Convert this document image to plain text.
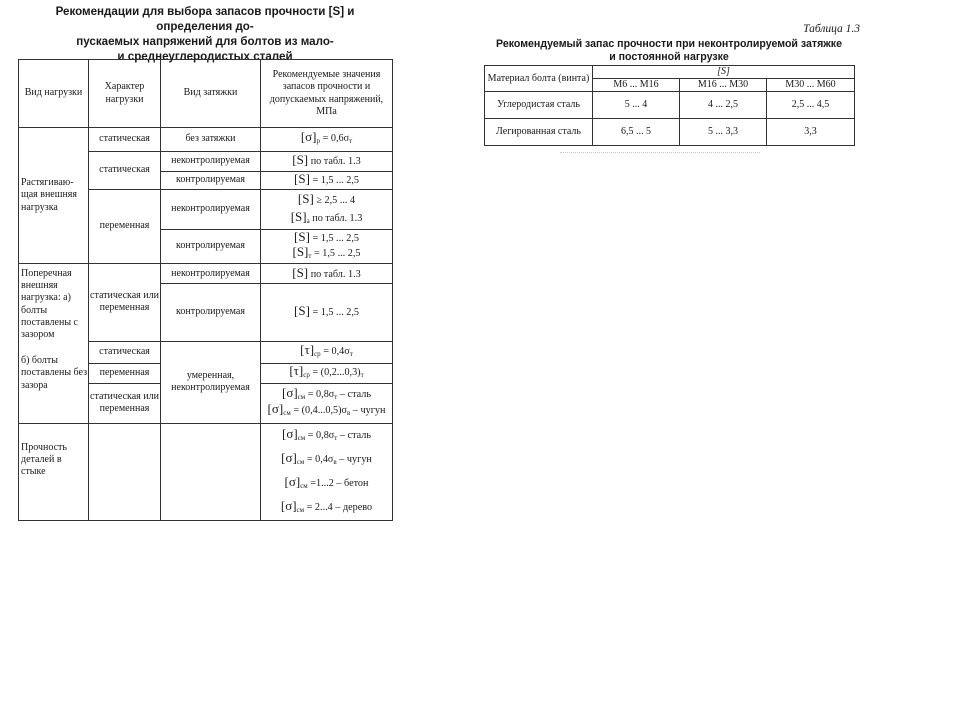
Рекомендации для выбора запасов прочности [S] и определения до-
пускаемых напряжений для болтов из мало-
и среднеуглеродистых сталей

Вид нагрузки	Характер нагрузки	Вид затяжки	Рекомендуемые значения запасов прочности и допускаемых напряжений, МПа
Растягиваю-щая внешняя нагрузка	статическая	без затяжки	$[\sigma]_p = 0,6\sigma_т$
	статическая	неконтролируемая	[S] по табл. 1.3
		контролируемая	[S] = 1,5 ... 2,5
	переменная	неконтролируемая	[S] ≥ 2,5 ... 4
			$[S]_a$ по табл. 1.3
		контролируемая	[S] = 1,5 ... 2,5
$[S]_т = 1,5$ ... 2,5
Поперечная внешняя нагрузка: а) болты поставлены с зазором	статическая или переменная	неконтролируемая	[S] по табл. 1.3
		контролируемая	[S] = 1,5 ... 2,5
б) болты поставлены без зазора	статическая	умеренная, неконтролируемая	$[\tau]_{ср} = 0,4\sigma_т$
	переменная		$[\tau]_{ср} = (0,2...0,3)_т$
	статическая или переменная		$[\sigma]_{см} = 0,8\sigma_т$ – сталь
$[\sigma]_{см} = (0,4...0,5)\sigma_в$ – чугун
Прочность деталей в стыке			$[\sigma]_{см} = 0,8\sigma_т$ – сталь
$[\sigma]_{см} = 0,4\sigma_в$ – чугун
$[\sigma]_{см} =1...2$ – бетон
$[\sigma]_{см} = 2...4$ – дерево

Таблица 1.3

Рекомендуемый запас прочности при неконтролируемой затяжке
и постоянной нагрузке

Материал болта (винта)	[S]		
	М6 ... М16	М16 ... М30	М30 ... М60
Углеродистая сталь	5 ... 4	4 ... 2,5	2,5 ... 4,5
Легированная сталь	6,5 ... 5	5 ... 3,3	3,3
